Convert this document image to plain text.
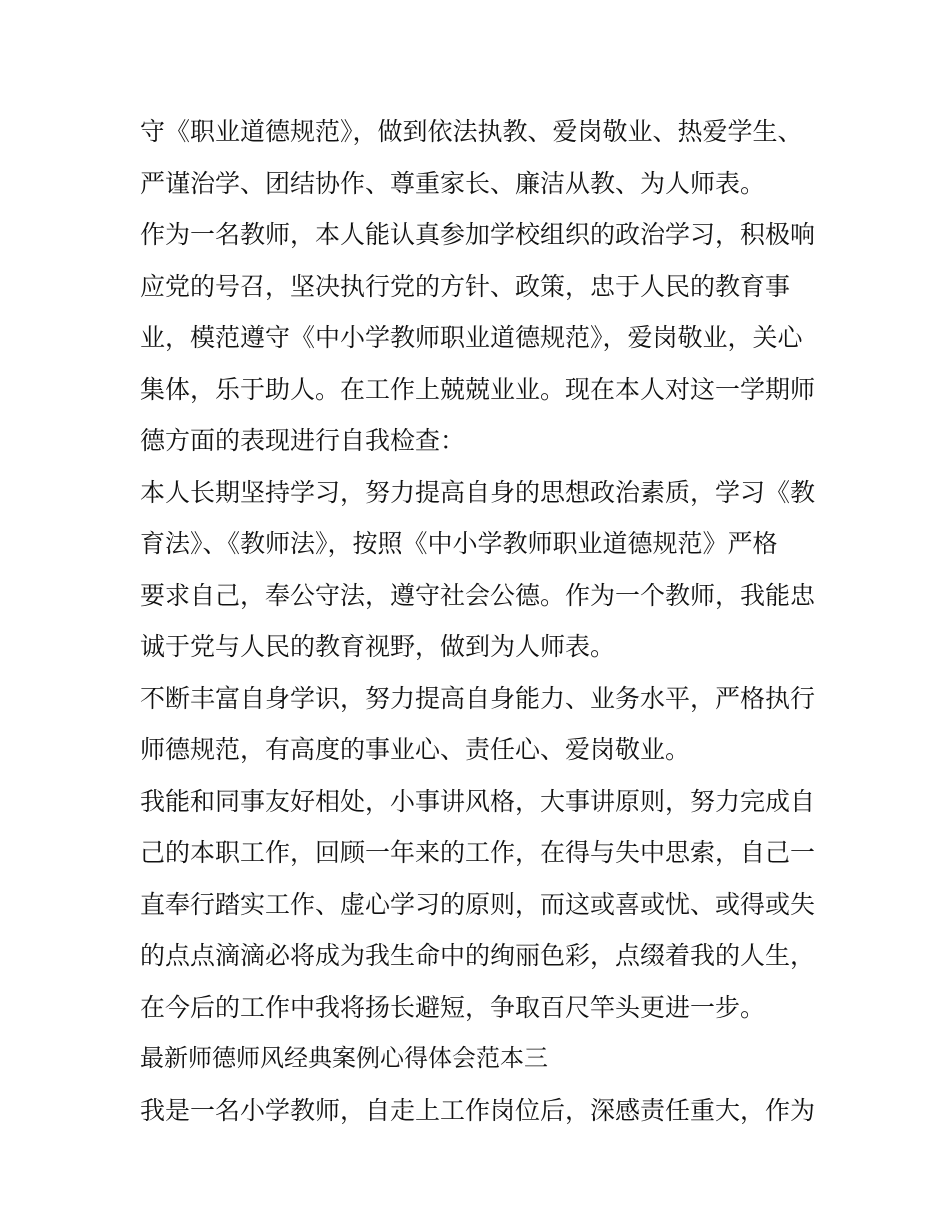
守《职业道德规范》，做到依法执教、爱岗敬业、热爱学生、
严谨治学、团结协作、尊重家长、廉洁从教、为人师表。
作为一名教师，本人能认真参加学校组织的政治学习，积极响
应党的号召，坚决执行党的方针、政策，忠于人民的教育事
业，模范遵守《中小学教师职业道德规范》，爱岗敬业，关心
集体，乐于助人。在工作上兢兢业业。现在本人对这一学期师
德方面的表现进行自我检查：
本人长期坚持学习，努力提高自身的思想政治素质，学习《教
育法》、《教师法》，按照《中小学教师职业道德规范》严格
要求自己，奉公守法，遵守社会公德。作为一个教师，我能忠
诚于党与人民的教育视野，做到为人师表。
不断丰富自身学识，努力提高自身能力、业务水平，严格执行
师德规范，有高度的事业心、责任心、爱岗敬业。
我能和同事友好相处，小事讲风格，大事讲原则，努力完成自
己的本职工作，回顾一年来的工作，在得与失中思索，自己一
直奉行踏实工作、虚心学习的原则，而这或喜或忧、或得或失
的点点滴滴必将成为我生命中的绚丽色彩，点缀着我的人生，
在今后的工作中我将扬长避短，争取百尺竿头更进一步。
最新师德师风经典案例心得体会范本三
我是一名小学教师，自走上工作岗位后，深感责任重大，作为
